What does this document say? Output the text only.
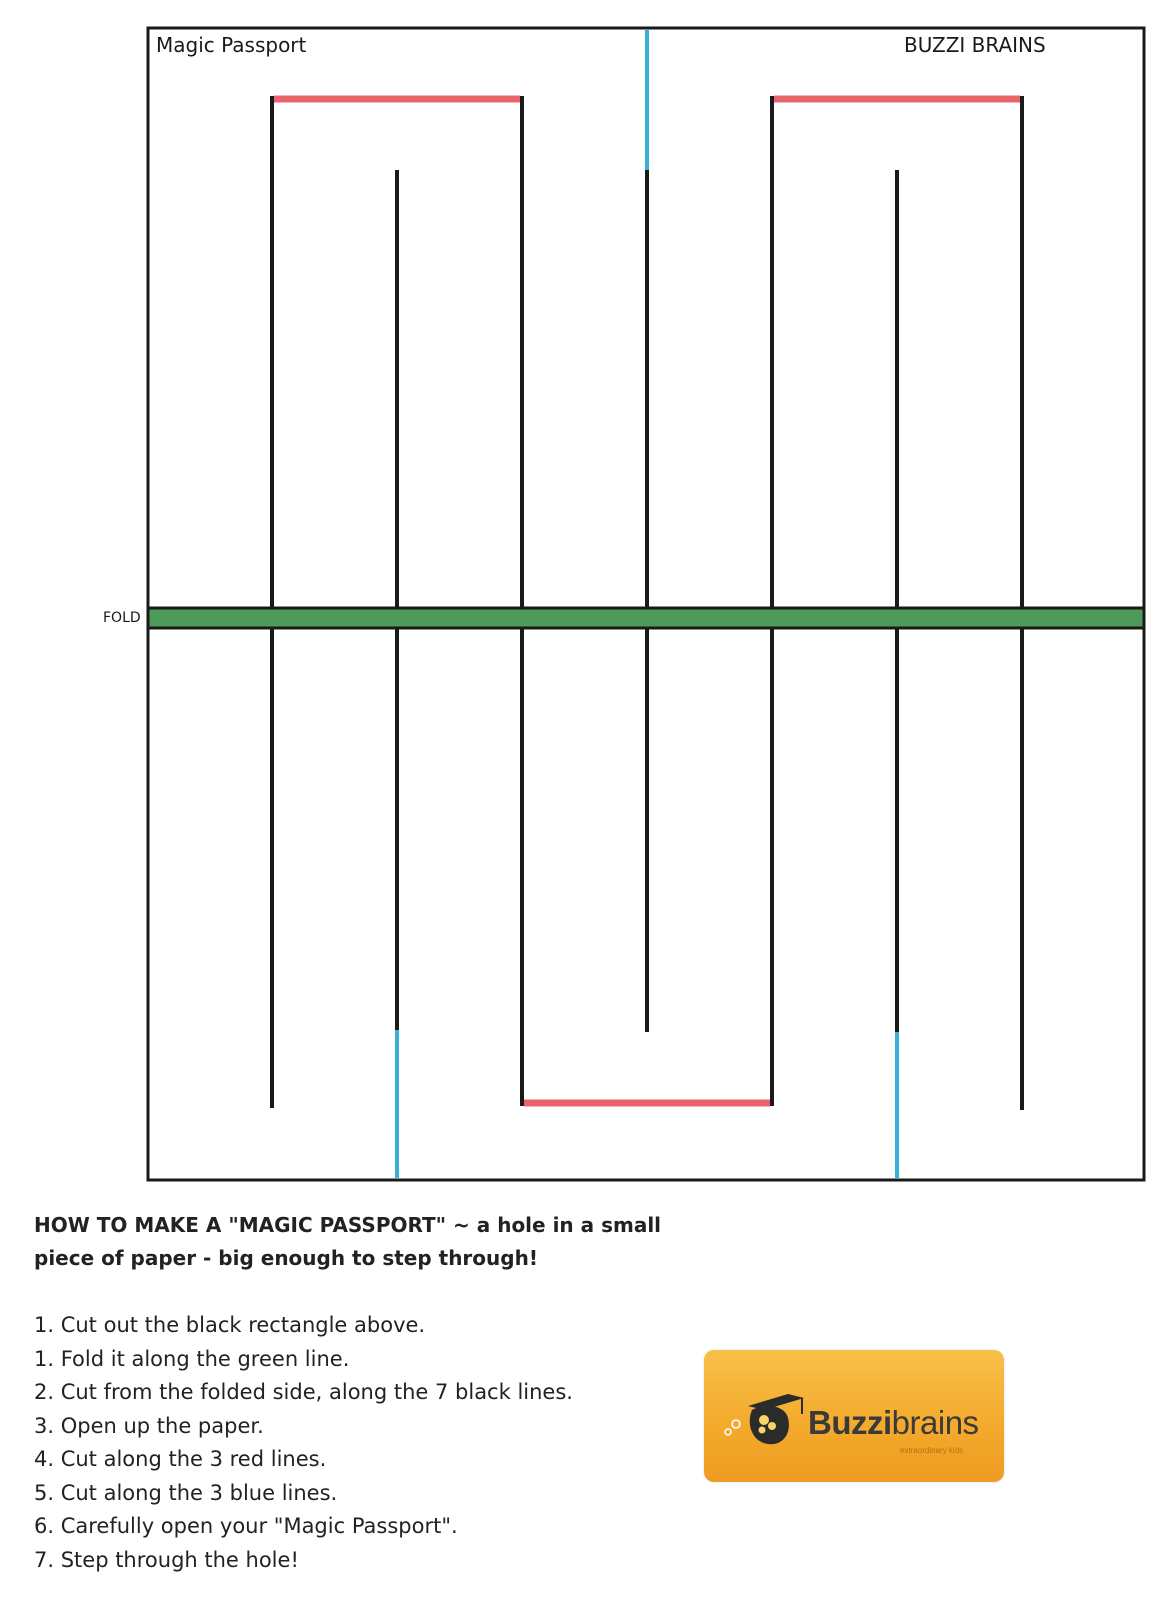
Magic Passport	BUZZI BRAINS
FOLD
HOW TO MAKE A "MAGIC PASSPORT" ~ a hole in a small piece of paper - big enough to step through!
1. Cut out the black rectangle above.
1. Fold it along the green line.
2. Cut from the folded side, along the 7 black lines.
3. Open up the paper.
4. Cut along the 3 red lines.
5. Cut along the 3 blue lines.
6. Carefully open your "Magic Passport".
7. Step through the hole!
Buzzibrains
extraordinary kids
